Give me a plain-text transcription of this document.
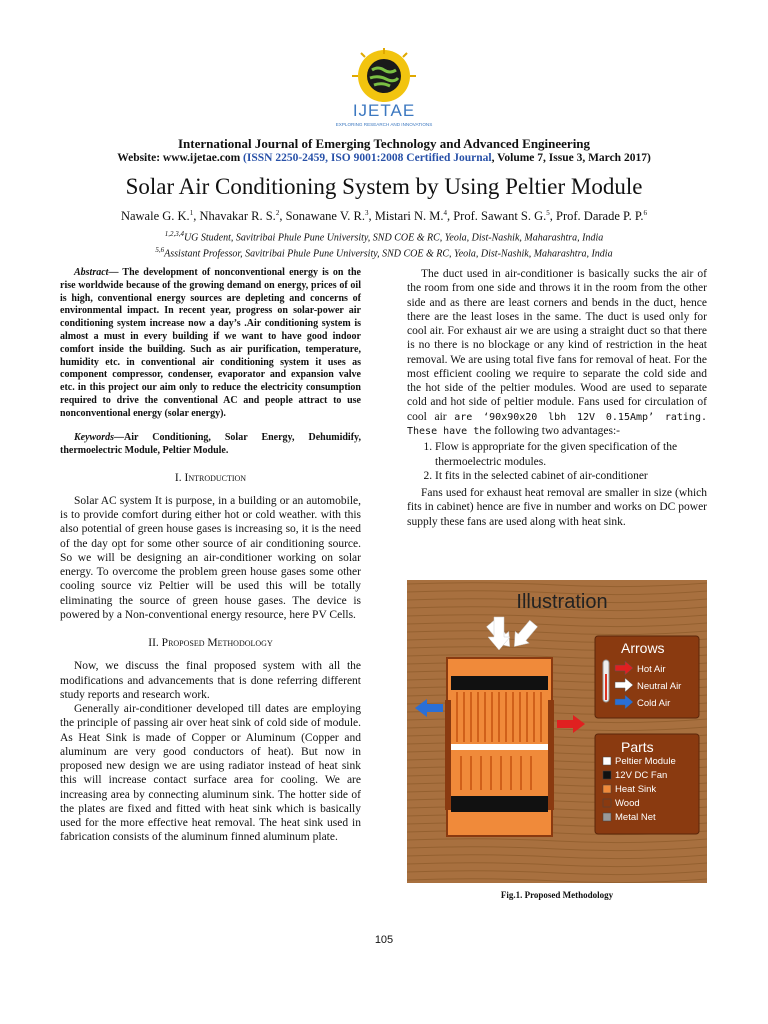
IJETAE
EXPLORING RESEARCH AND INNOVATIONS
International Journal of Emerging Technology and Advanced Engineering
Website: www.ijetae.com (ISSN 2250-2459, ISO 9001:2008 Certified Journal, Volume 7, Issue 3, March 2017)
Solar Air Conditioning System by Using Peltier Module
Nawale G. K.$^1$, Nhavakar R. S.$^2$, Sonawane V. R.$^3$, Mistari N. M.$^4$, Prof. Sawant S. G.$^5$, Prof. Darade P. P.$^6$
$^{1,2,3,4}$UG Student, Savitribai Phule Pune University, SND COE & RC, Yeola, Dist-Nashik, Maharashtra, India
$^{5,6}$Assistant Professor, Savitribai Phule Pune University, SND COE & RC, Yeola, Dist-Nashik, Maharashtra, India

Abstract— The development of nonconventional energy is on the rise worldwide because of the growing demand on energy, prices of oil is high, conventional energy sources are depleting and concerns of environmental impact. In recent year, progress on solar-power air conditioning system increase now a day’s .Air conditioning system is almost a must in every building if we want to have good indoor comfort inside the building. Such as air purification, temperature, humidity etc. in conventional air conditioning system it uses as component compressor, condenser, evaporator and expansion valve etc. in this project our aim only to reduce the electricity consumption required to drive the conventional AC and people attract to use nonconventional energy (solar energy).

Keywords—Air Conditioning, Solar Energy, Dehumidify, thermoelectric Module, Peltier Module.

I. Introduction

Solar AC system It is purpose, in a building or an automobile, is to provide comfort during either hot or cold weather. with this also potential of green house gases is increasing so, it is the need of the day opt for some other source of air conditioning source. So we will be designing an air-conditioner working on solar energy. To overcome the problem green house gases some other cooling source viz Peltier will be used this will be totally eliminating the source of green house gases. The device is powered by a Non-conventional energy resource, here PV Cells.

II. Proposed Methodology

Now, we discuss the final proposed system with all the modifications and advancements that is done referring different study reports and research work.

Generally air-conditioner developed till dates are employing the principle of passing air over heat sink of cold side of module. As Heat Sink is made of Copper or Aluminum (Copper and aluminum are very good conductors of heat). But now in proposed new design we are using radiator instead of heat sink this will increase contact surface area for cooling. We are increasing area by connecting aluminum sink. The hotter side of the plates are fixed and fitted with heat sink which is basically used for the more effective heat removal. The heat sink used in fabrication consists of the aluminum finned aluminum plate.

The duct used in air-conditioner is basically sucks the air of the room from one side and throws it in the room from the other side and as there are least corners and bends in the duct, hence there are the least loses in the same. The duct is used only for cool air. For exhaust air we are using a straight duct so that there is no there is no blockage or any kind of restriction in the heat removal. We are using total five fans for removal of heat. For the most efficient cooling we require to separate the cold side and the hot side of the peltier modules. Wood are used to separate cold and hot side of peltier module. Fans used for circulation of cool air are ‘90x90x20 lbh 12V 0.15Amp’ rating. These have the following two advantages:-

1. Flow is appropriate for the given specification of the thermoelectric modules.
2. It fits in the selected cabinet of air-conditioner

Fans used for exhaust heat removal are smaller in size (which fits in cabinet) hence are five in number and works on DC power supply these fans are used along with heat sink.

Illustration
Arrows
Hot Air
Neutral Air
Cold Air
Parts
Peltier Module
12V DC Fan
Heat Sink
Wood
Metal Net
Fig.1. Proposed Methodology
105
